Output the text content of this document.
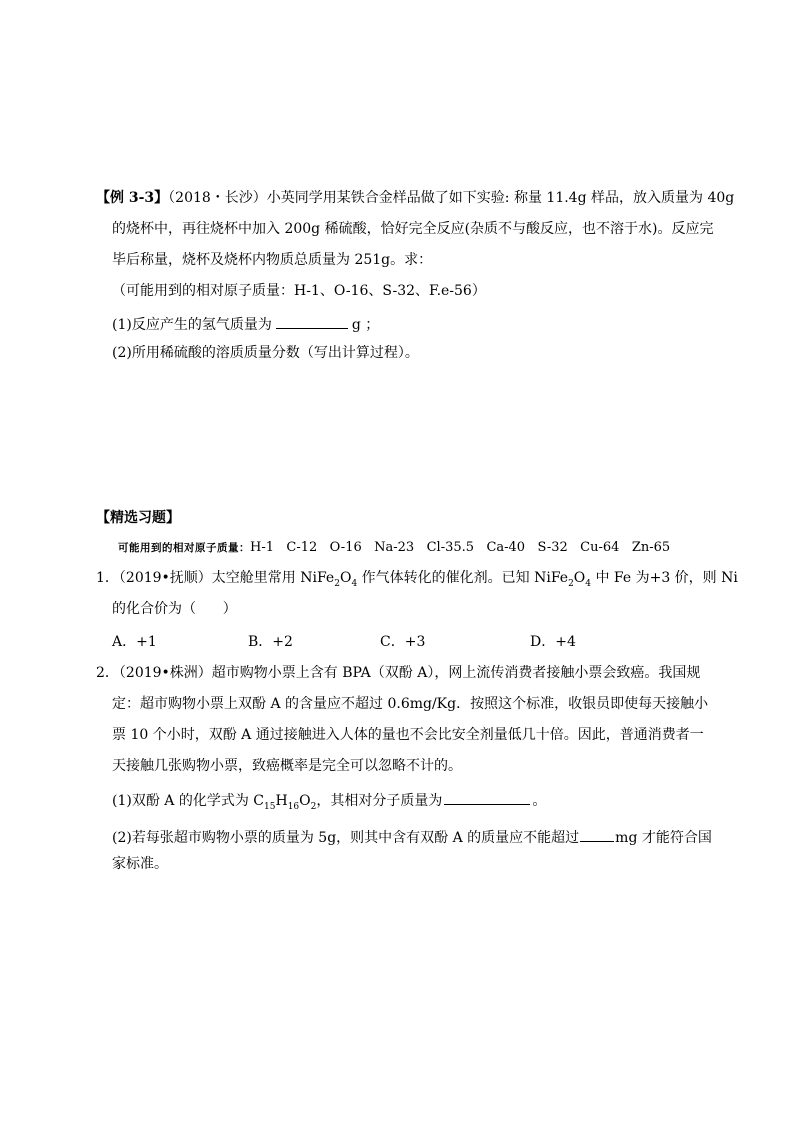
【例 3-3】（2018・长沙）小英同学用某铁合金样品做了如下实验: 称量 11.4g 样品，放入质量为 40g
的烧杯中，再往烧杯中加入 200g 稀硫酸，恰好完全反应(杂质不与酸反应，也不溶于水)。反应完
毕后称量，烧杯及烧杯内物质总质量为 251g。求：
（可能用到的相对原子质量：H-1、O-16、S-32、F.e-56）
(1)反应产生的氢气质量为	g ；
(2)所用稀硫酸的溶质质量分数（写出计算过程）。
【精选习题】
可能用到的相对原子质量：H-1   C-12   O-16   Na-23   Cl-35.5   Ca-40   S-32   Cu-64   Zn-65
1．（2019•抚顺）太空舱里常用 $NiFe_2O_4$ 作气体转化的催化剂。已知 $NiFe_2O_4$ 中 Fe 为+3 价，则 Ni
的化合价为（      ）
A．+1	B．+2	C．+3	D．+4
2．（2019•株洲）超市购物小票上含有 BPA（双酚 A），网上流传消费者接触小票会致癌。我国规
定：超市购物小票上双酚 A 的含量应不超过 0.6mg/Kg．按照这个标准，收银员即使每天接触小
票 10 个小时，双酚 A 通过接触进入人体的量也不会比安全剂量低几十倍。因此，普通消费者一
天接触几张购物小票，致癌概率是完全可以忽略不计的。
(1)双酚 A 的化学式为 $C_{15}H_{16}O_2$，其相对分子质量为	。
(2)若每张超市购物小票的质量为 5g，则其中含有双酚 A 的质量应不能超过	mg 才能符合国
家标准。
